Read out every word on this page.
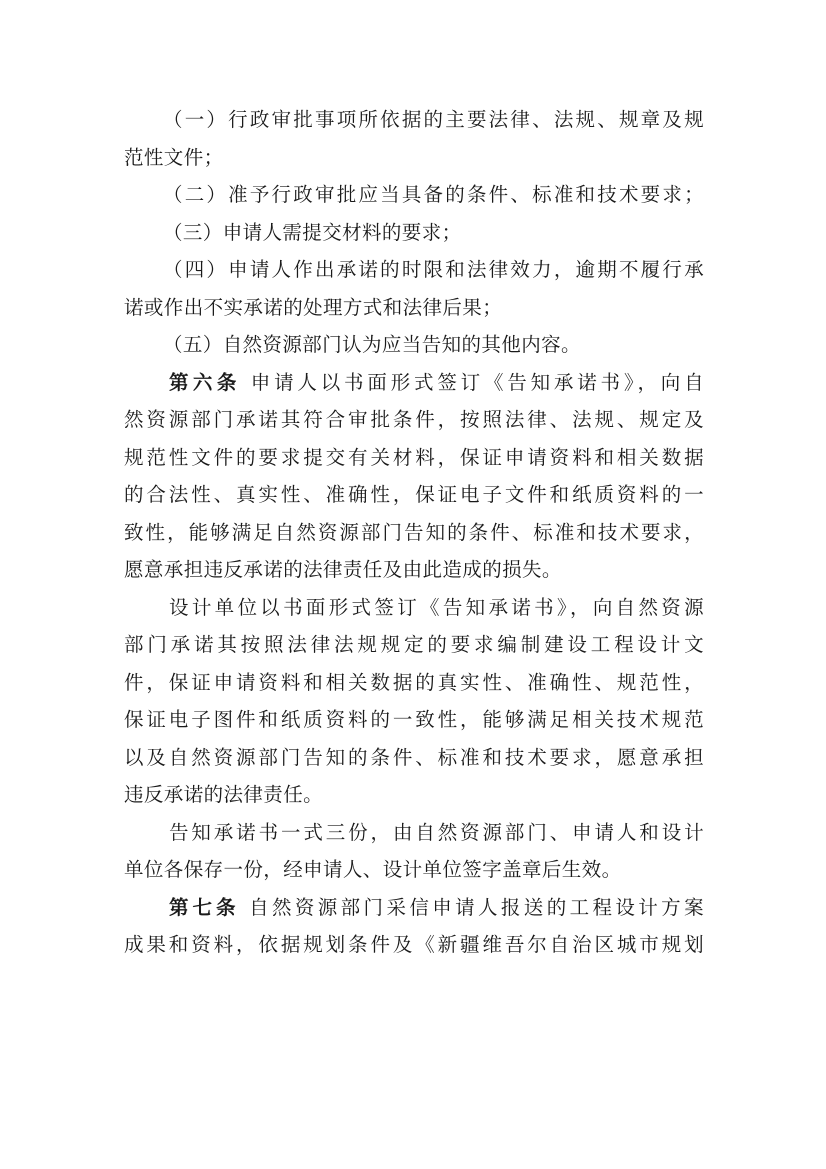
（一）行政审批事项所依据的主要法律、法规、规章及规
范性文件；
（二）准予行政审批应当具备的条件、标准和技术要求；
（三）申请人需提交材料的要求；
（四）申请人作出承诺的时限和法律效力，逾期不履行承
诺或作出不实承诺的处理方式和法律后果；
（五）自然资源部门认为应当告知的其他内容。
第六条 申请人以书面形式签订《告知承诺书》，向自
然资源部门承诺其符合审批条件，按照法律、法规、规定及
规范性文件的要求提交有关材料，保证申请资料和相关数据
的合法性、真实性、准确性，保证电子文件和纸质资料的一
致性，能够满足自然资源部门告知的条件、标准和技术要求，
愿意承担违反承诺的法律责任及由此造成的损失。
设计单位以书面形式签订《告知承诺书》，向自然资源
部门承诺其按照法律法规规定的要求编制建设工程设计文
件，保证申请资料和相关数据的真实性、准确性、规范性，
保证电子图件和纸质资料的一致性，能够满足相关技术规范
以及自然资源部门告知的条件、标准和技术要求，愿意承担
违反承诺的法律责任。
告知承诺书一式三份，由自然资源部门、申请人和设计
单位各保存一份，经申请人、设计单位签字盖章后生效。
第七条 自然资源部门采信申请人报送的工程设计方案
成果和资料，依据规划条件及《新疆维吾尔自治区城市规划
